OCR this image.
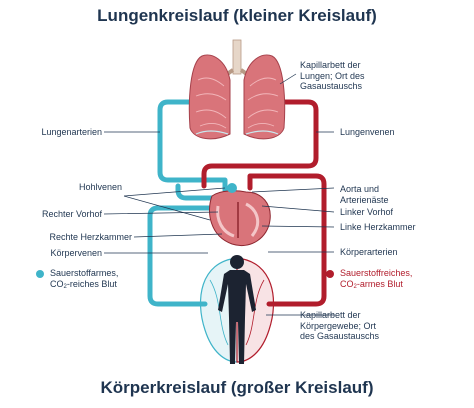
Lungenkreislauf (kleiner Kreislauf)
Lungenarterien
Hohlvenen
Rechter Vorhof
Rechte Herzkammer
Körpervenen
Kapillarbett der
Lungen; Ort des
Gasaustauschs
Lungenvenen
Aorta und
Arterienäste
Linker Vorhof
Linke Herzkammer
Körperarterien
Kapillarbett der
Körpergewebe; Ort
des Gasaustauschs
Sauerstoffarmes,
$CO_2$-reiches Blut
Sauerstoffreiches,
$CO_2$-armes Blut
Körperkreislauf (großer Kreislauf)
